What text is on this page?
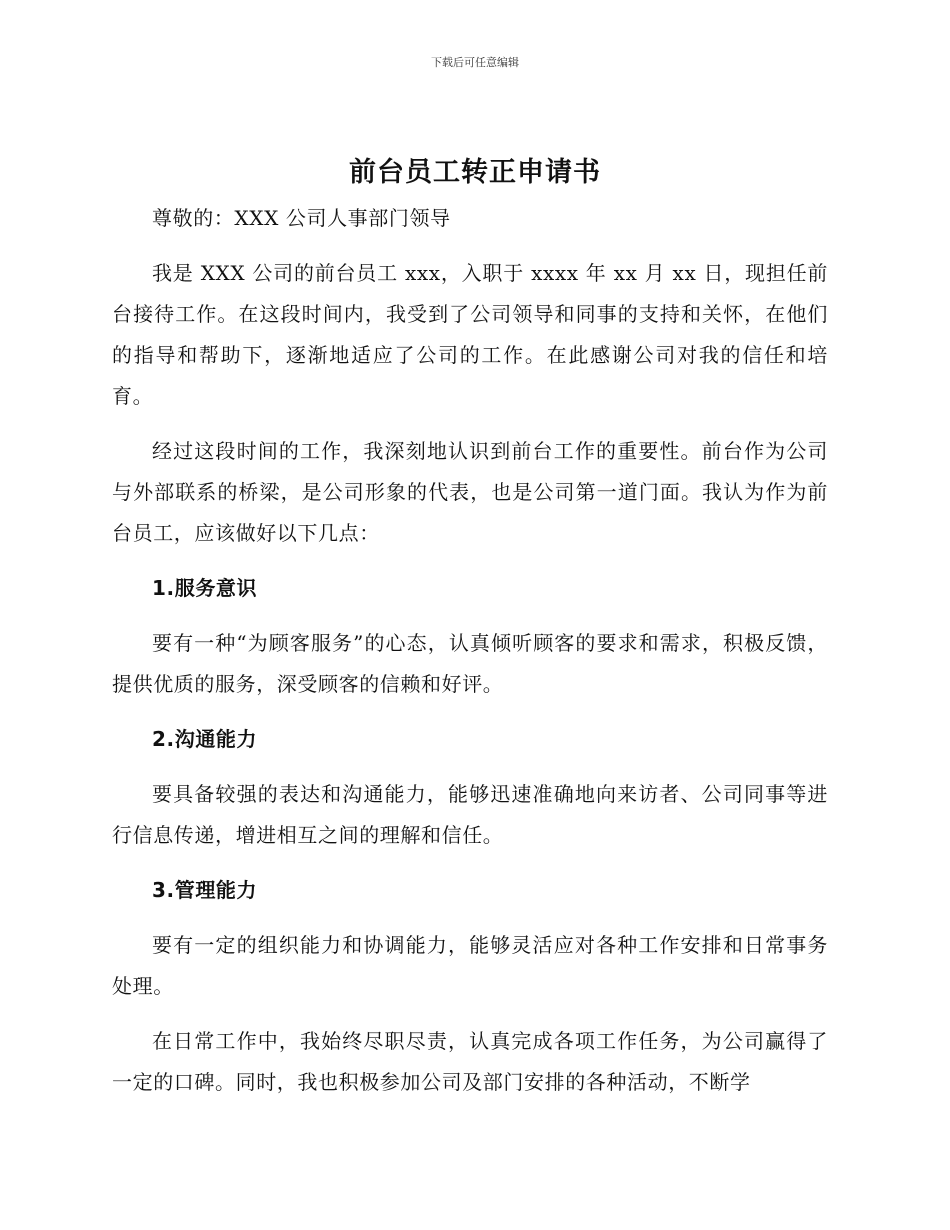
下载后可任意编辑
前台员工转正申请书

尊敬的：XXX 公司人事部门领导

我是 XXX 公司的前台员工 xxx，入职于 xxxx 年 xx 月 xx 日，现担任前台接待工作。在这段时间内，我受到了公司领导和同事的支持和关怀，在他们的指导和帮助下，逐渐地适应了公司的工作。在此感谢公司对我的信任和培育。

经过这段时间的工作，我深刻地认识到前台工作的重要性。前台作为公司与外部联系的桥梁，是公司形象的代表，也是公司第一道门面。我认为作为前台员工，应该做好以下几点：

1.服务意识

要有一种“为顾客服务”的心态，认真倾听顾客的要求和需求，积极反馈，提供优质的服务，深受顾客的信赖和好评。

2.沟通能力

要具备较强的表达和沟通能力，能够迅速准确地向来访者、公司同事等进行信息传递，增进相互之间的理解和信任。

3.管理能力

要有一定的组织能力和协调能力，能够灵活应对各种工作安排和日常事务处理。

在日常工作中，我始终尽职尽责，认真完成各项工作任务，为公司赢得了一定的口碑。同时，我也积极参加公司及部门安排的各种活动，不断学
